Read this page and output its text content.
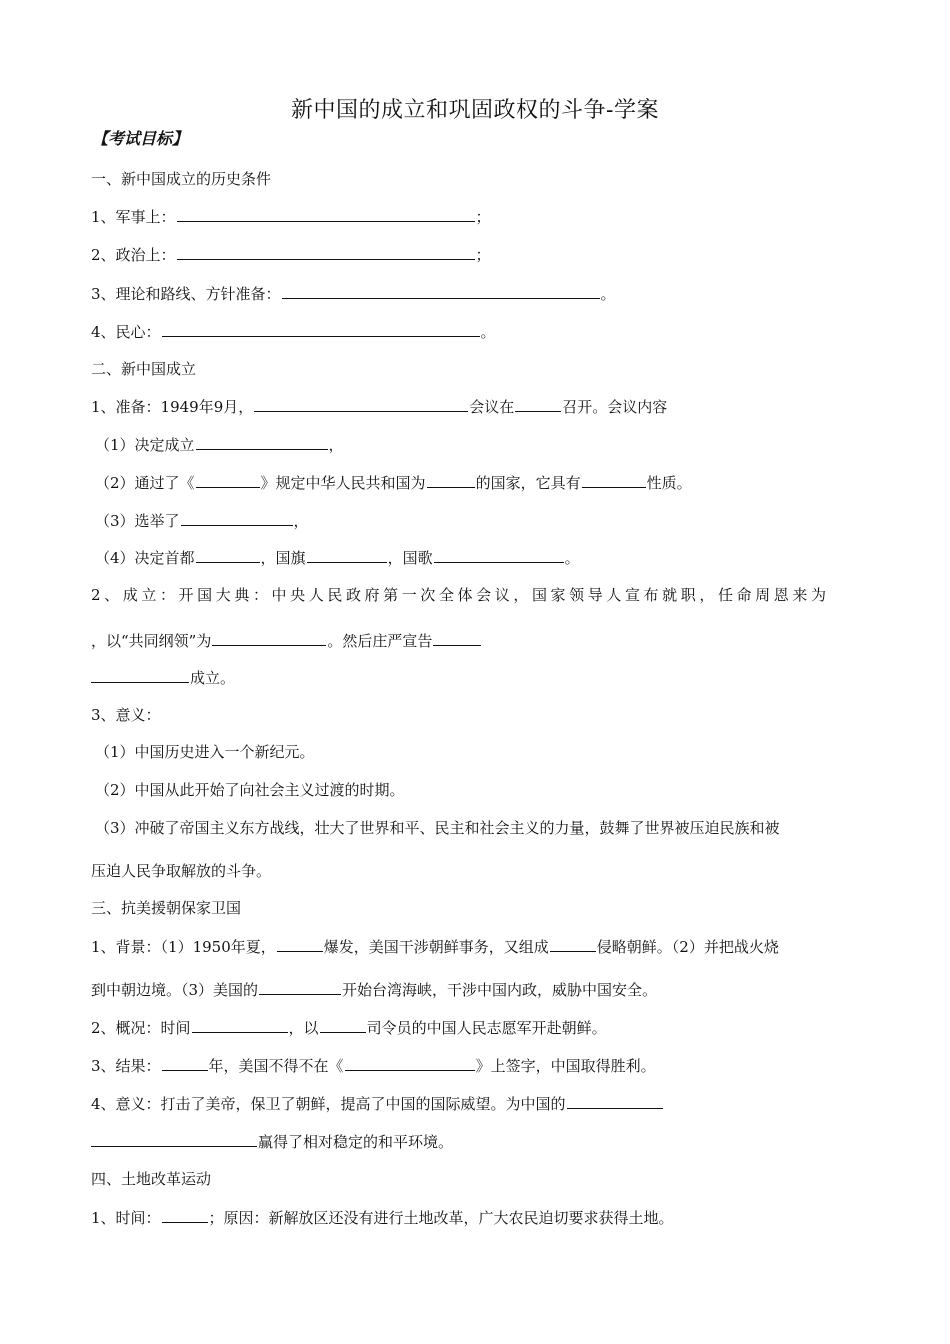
新中国的成立和巩固政权的斗争-学案
【考试目标】
一、新中国成立的历史条件
1、军事上：	；
2、政治上：	；
3、理论和路线、方针准备：	。
4、民心：	。
二、新中国成立
1、准备：1949年9月，	会议在	召开。会议内容
（1）决定成立	，
（2）通过了《	》规定中华人民共和国为	的国家，它具有	性质。
（3）选举了	，
（4）决定首都	，国旗	，国歌	。
2、成立：开国大典：中央人民政府第一次全体会议，国家领导人宣布就职，任命周恩来为
，以“共同纲领”为	。然后庄严宣告
成立。
3、意义：
（1）中国历史进入一个新纪元。
（2）中国从此开始了向社会主义过渡的时期。
（3）冲破了帝国主义东方战线，壮大了世界和平、民主和社会主义的力量，鼓舞了世界被压迫民族和被
压迫人民争取解放的斗争。
三、抗美援朝保家卫国
1、背景：（1）1950年夏，	爆发，美国干涉朝鲜事务，又组成	侵略朝鲜。（2）并把战火烧
到中朝边境。（3）美国的	开始台湾海峡，干涉中国内政，威胁中国安全。
2、概况：时间	，以	司令员的中国人民志愿军开赴朝鲜。
3、结果：	年，美国不得不在《	》上签字，中国取得胜利。
4、意义：打击了美帝，保卫了朝鲜，提高了中国的国际威望。为中国的
赢得了相对稳定的和平环境。
四、土地改革运动
1、时间：	；原因：新解放区还没有进行土地改革，广大农民迫切要求获得土地。
